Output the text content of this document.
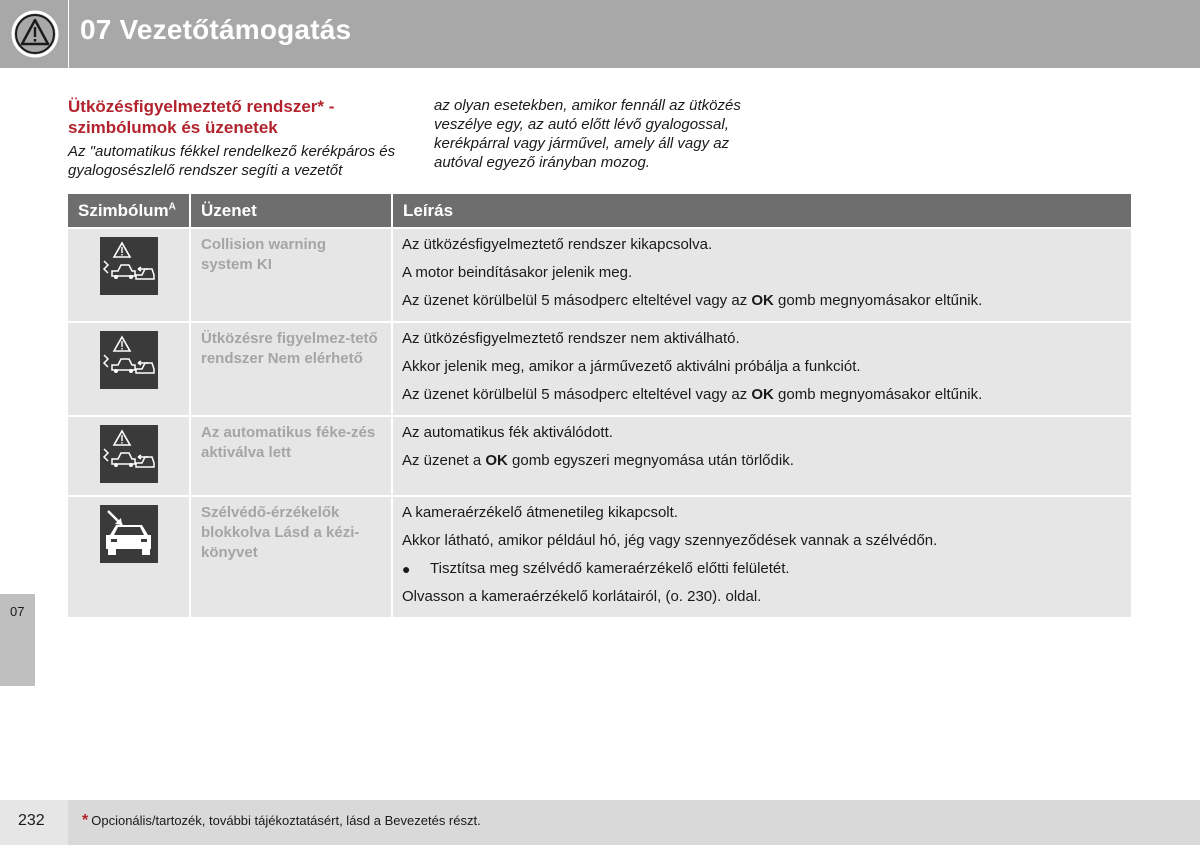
07 Vezetőtámogatás
Ütközésfigyelmeztető rendszer* - szimbólumok és üzenetek
Az "automatikus fékkel rendelkező kerékpáros és gyalogosészlelő rendszer segíti a vezetőt
az olyan esetekben, amikor fennáll az ütközés veszélye egy, az autó előtt lévő gyalogossal, kerékpárral vagy járművel, amely áll vagy az autóval egyező irányban mozog.
Szimbólum$^A$	Üzenet	Leírás

	Collision warning system KI	Az ütközésfigyelmeztető rendszer kikapcsolva.

A motor beindításakor jelenik meg.

Az üzenet körülbelül 5 másodperc elteltével vagy az OK gomb megnyomásakor eltűnik.

	Ütközésre figyelmez-tető rendszer Nem elérhető	Az ütközésfigyelmeztető rendszer nem aktiválható.

Akkor jelenik meg, amikor a járművezető aktiválni próbálja a funkciót.

Az üzenet körülbelül 5 másodperc elteltével vagy az OK gomb megnyomásakor eltűnik.

	Az automatikus féke-zés aktiválva lett	Az automatikus fék aktiválódott.

Az üzenet a OK gomb egyszeri megnyomása után törlődik.

	Szélvédő-érzékelők blokkolva Lásd a kézi-könyvet	A kameraérzékelő átmenetileg kikapcsolt.

Akkor látható, amikor például hó, jég vagy szennyeződések vannak a szélvédőn.

● Tisztítsa meg szélvédő kameraérzékelő előtti felületét.

Olvasson a kameraérzékelő korlátairól, (o. 230). oldal.

07
232 * Opcionális/tartozék, további tájékoztatásért, lásd a Bevezetés részt.
